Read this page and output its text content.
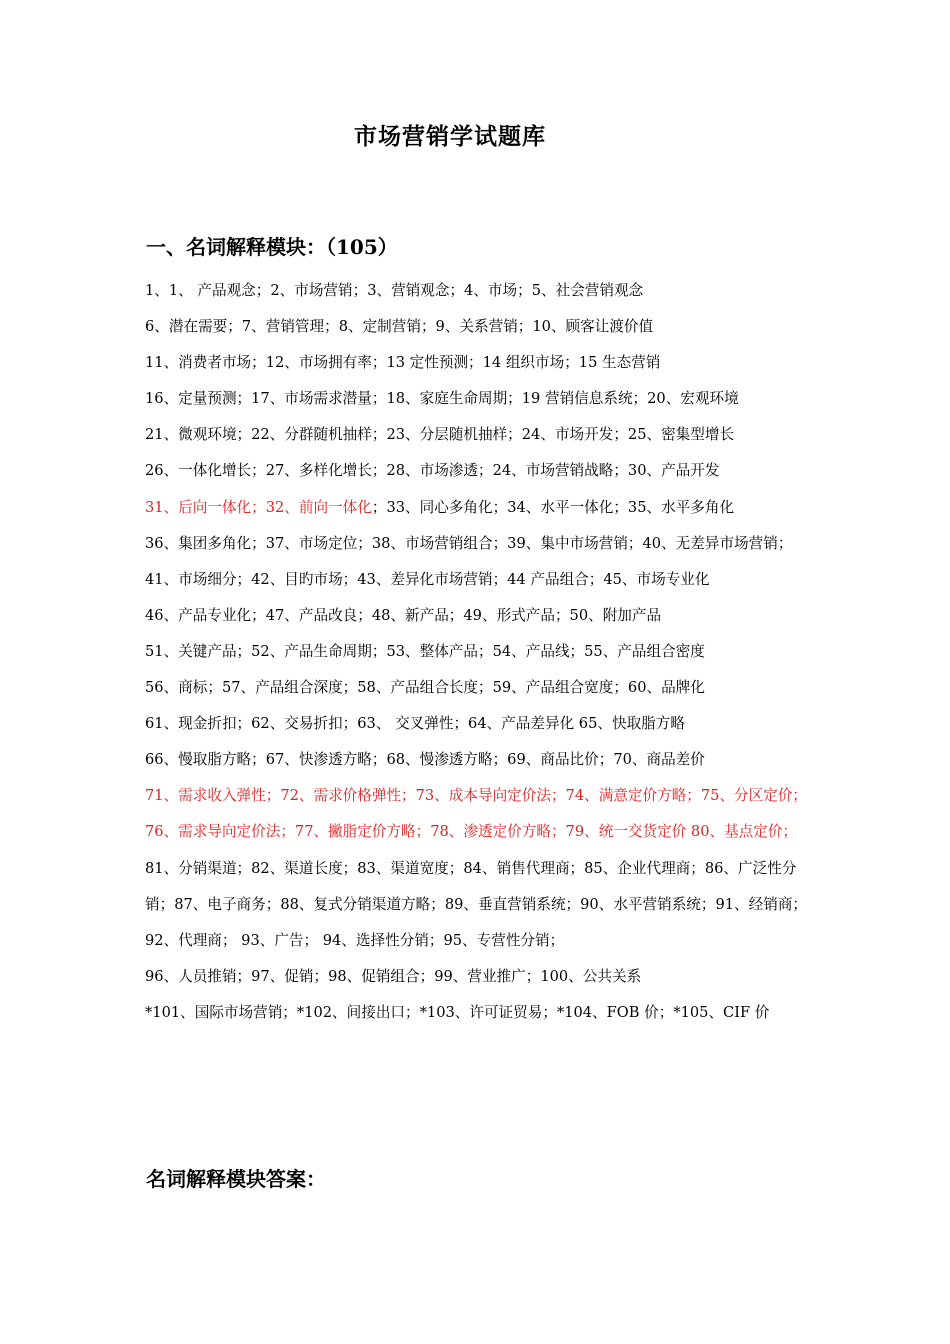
市场营销学试题库
一、名词解释模块：（105）

1、1、 产品观念；2、市场营销；3、营销观念；4、市场；5、社会营销观念

6、潜在需要；7、营销管理；8、定制营销；9、关系营销；10、顾客让渡价值

11、消费者市场；12、市场拥有率；13 定性预测；14 组织市场；15 生态营销

16、定量预测；17、市场需求潜量；18、家庭生命周期；19 营销信息系统；20、宏观环境

21、微观环境；22、分群随机抽样；23、分层随机抽样；24、市场开发；25、密集型增长

26、一体化增长；27、多样化增长；28、市场渗透；24、市场营销战略；30、产品开发

31、后向一体化；32、前向一体化；33、同心多角化；34、水平一体化；35、水平多角化

36、集团多角化；37、市场定位；38、市场营销组合；39、集中市场营销；40、无差异市场营销；41、市场细分；42、目旳市场；43、差异化市场营销；44 产品组合；45、市场专业化

46、产品专业化；47、产品改良；48、新产品；49、形式产品；50、附加产品

51、关键产品；52、产品生命周期；53、整体产品；54、产品线；55、产品组合密度

56、商标；57、产品组合深度；58、产品组合长度；59、产品组合宽度；60、品牌化

61、现金折扣；62、交易折扣；63、 交叉弹性；64、产品差异化 65、快取脂方略

66、慢取脂方略；67、快渗透方略；68、慢渗透方略；69、商品比价；70、商品差价

71、需求收入弹性；72、需求价格弹性；73、成本导向定价法；74、满意定价方略；75、分区定价；76、需求导向定价法；77、撇脂定价方略；78、渗透定价方略；79、统一交货定价 80、基点定价；81、分销渠道；82、渠道长度；83、渠道宽度；84、销售代理商；85、企业代理商；86、广泛性分销；87、电子商务；88、复式分销渠道方略；89、垂直营销系统；90、水平营销系统；91、经销商；92、代理商； 93、广告； 94、选择性分销；95、专营性分销；

96、人员推销；97、促销；98、促销组合；99、营业推广；100、公共关系

*101、国际市场营销；*102、间接出口；*103、许可证贸易；*104、FOB 价；*105、CIF 价

名词解释模块答案：
